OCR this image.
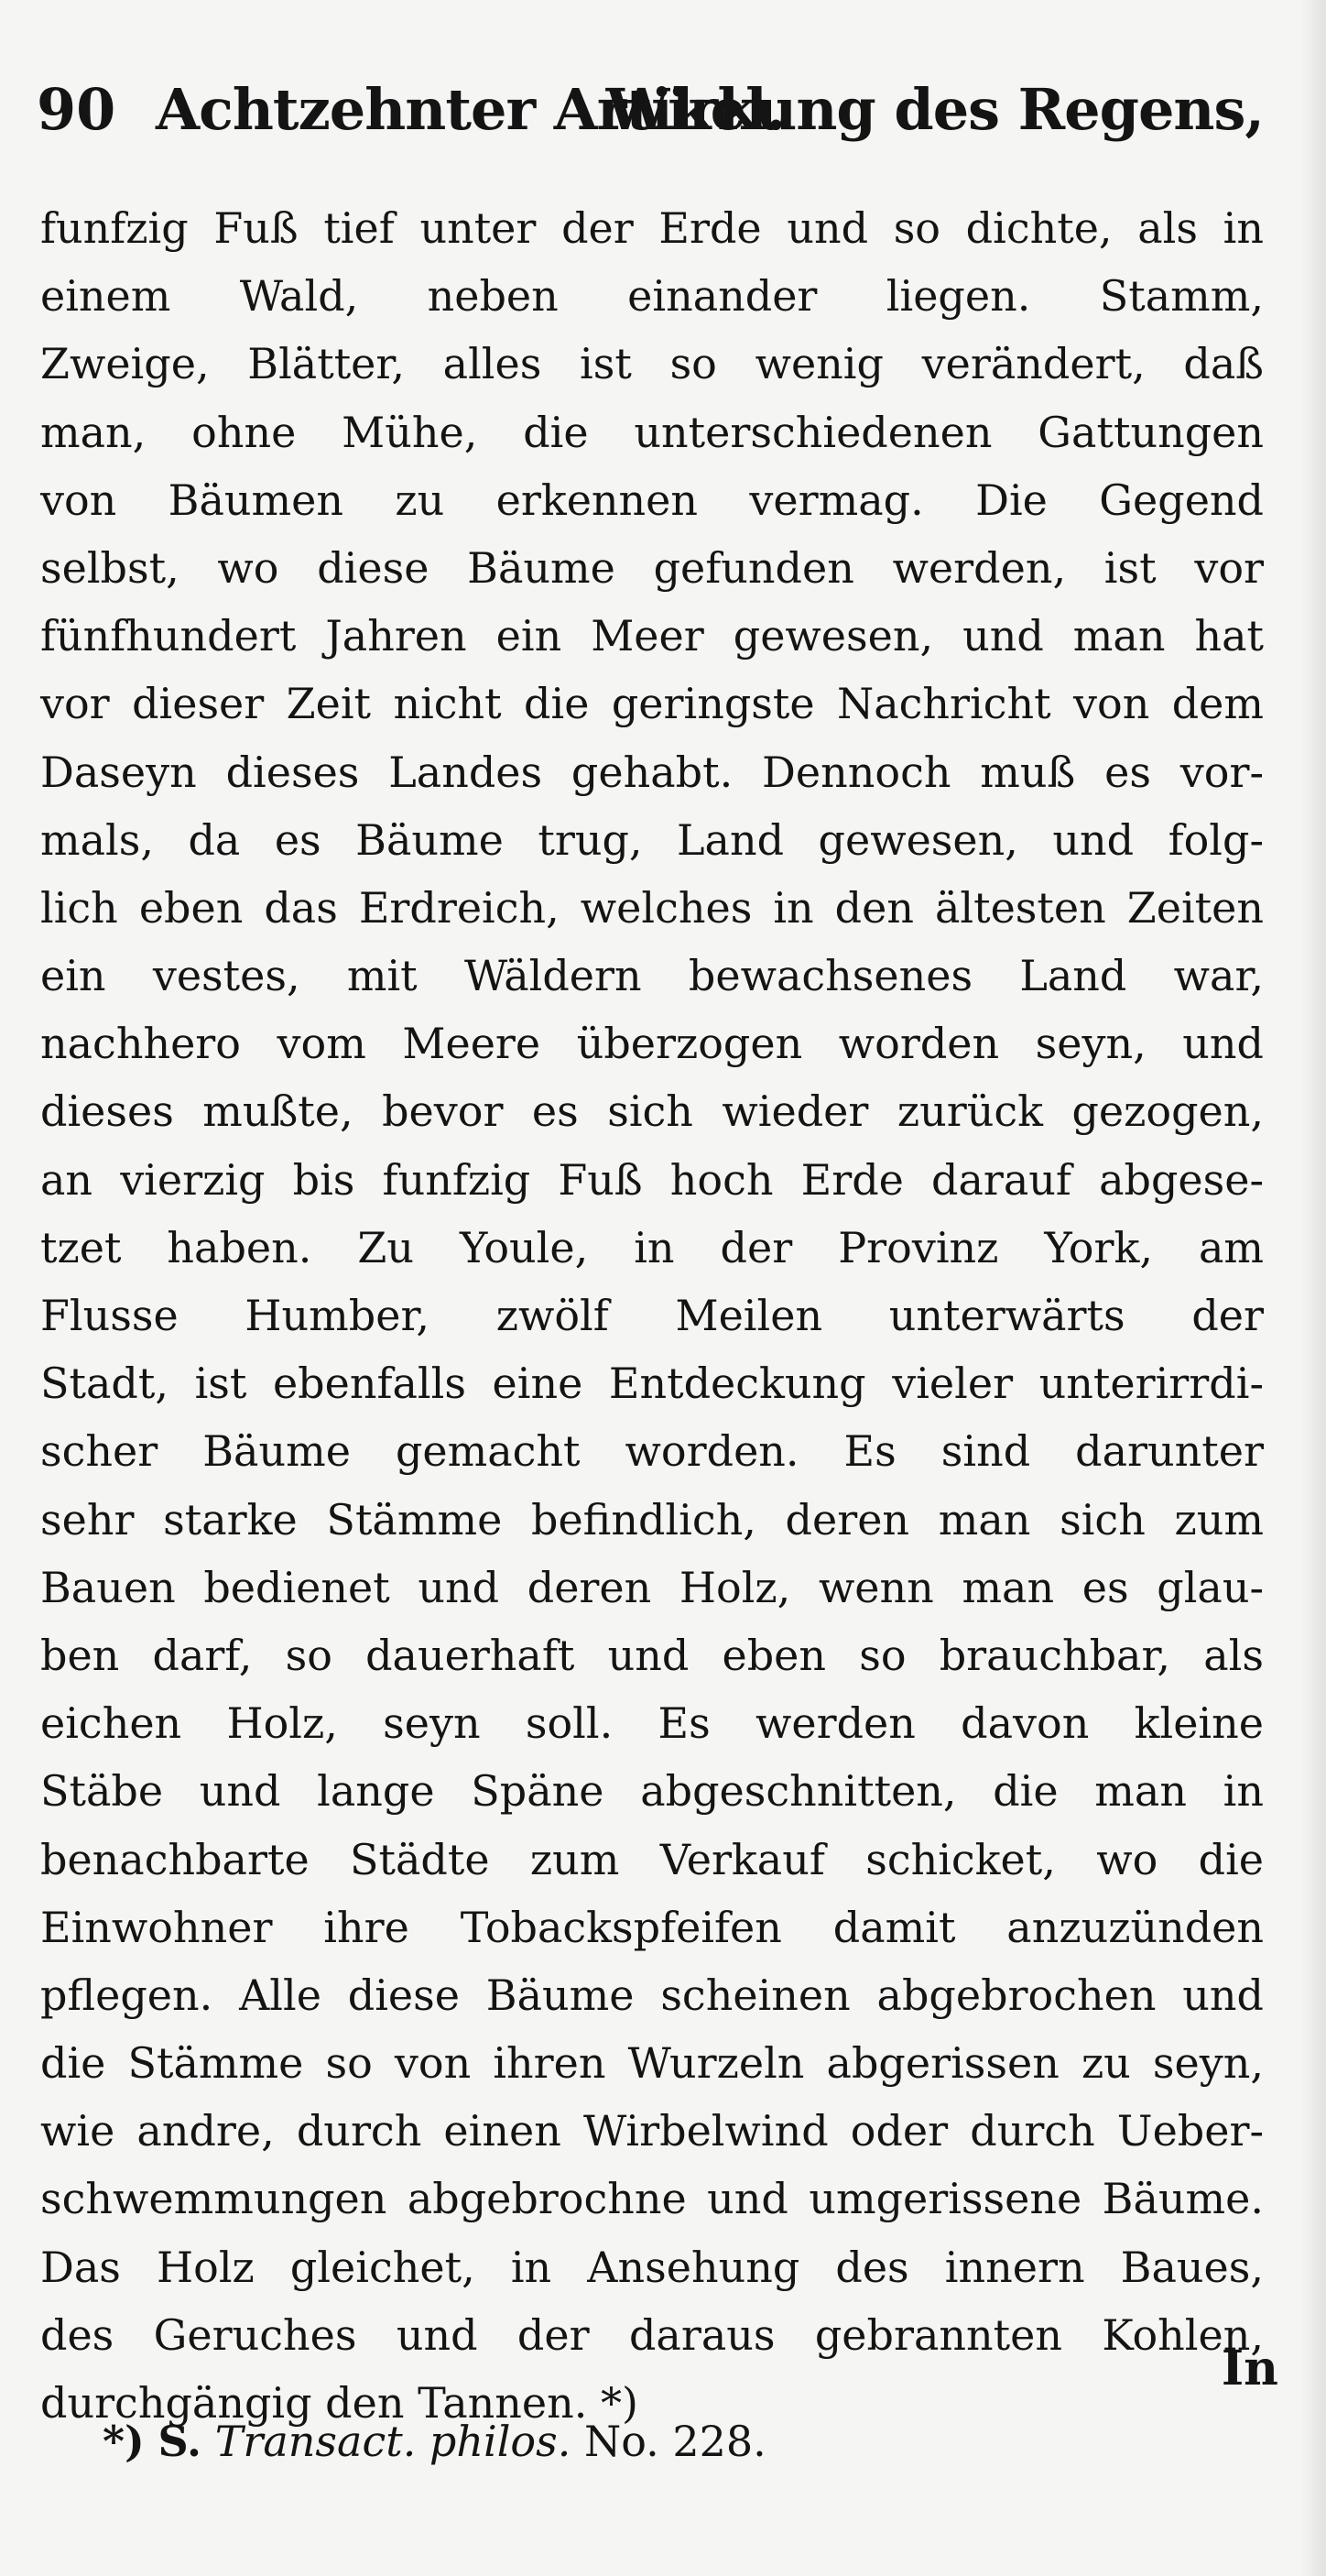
90 Achtzehnter Artikel.
Wirkung des Regens,
funfzig Fuß tief unter der Erde und so dichte, als in
einem Wald, neben einander liegen. Stamm,
Zweige, Blätter, alles ist so wenig verändert, daß
man, ohne Mühe, die unterschiedenen Gattungen
von Bäumen zu erkennen vermag. Die Gegend
selbst, wo diese Bäume gefunden werden, ist vor
fünfhundert Jahren ein Meer gewesen, und man hat
vor dieser Zeit nicht die geringste Nachricht von dem
Daseyn dieses Landes gehabt. Dennoch muß es vor-
mals, da es Bäume trug, Land gewesen, und folg-
lich eben das Erdreich, welches in den ältesten Zeiten
ein vestes, mit Wäldern bewachsenes Land war,
nachhero vom Meere überzogen worden seyn, und
dieses mußte, bevor es sich wieder zurück gezogen,
an vierzig bis funfzig Fuß hoch Erde darauf abgese-
tzet haben. Zu Youle, in der Provinz York, am
Flusse Humber, zwölf Meilen unterwärts der
Stadt, ist ebenfalls eine Entdeckung vieler unterirrdi-
scher Bäume gemacht worden. Es sind darunter
sehr starke Stämme befindlich, deren man sich zum
Bauen bedienet und deren Holz, wenn man es glau-
ben darf, so dauerhaft und eben so brauchbar, als
eichen Holz, seyn soll. Es werden davon kleine
Stäbe und lange Späne abgeschnitten, die man in
benachbarte Städte zum Verkauf schicket, wo die
Einwohner ihre Tobackspfeifen damit anzuzünden
pflegen. Alle diese Bäume scheinen abgebrochen und
die Stämme so von ihren Wurzeln abgerissen zu seyn,
wie andre, durch einen Wirbelwind oder durch Ueber-
schwemmungen abgebrochne und umgerissene Bäume.
Das Holz gleichet, in Ansehung des innern Baues,
des Geruches und der daraus gebrannten Kohlen,
durchgängig den Tannen. *)
In
*) S. Transact. philos. No. 228.
